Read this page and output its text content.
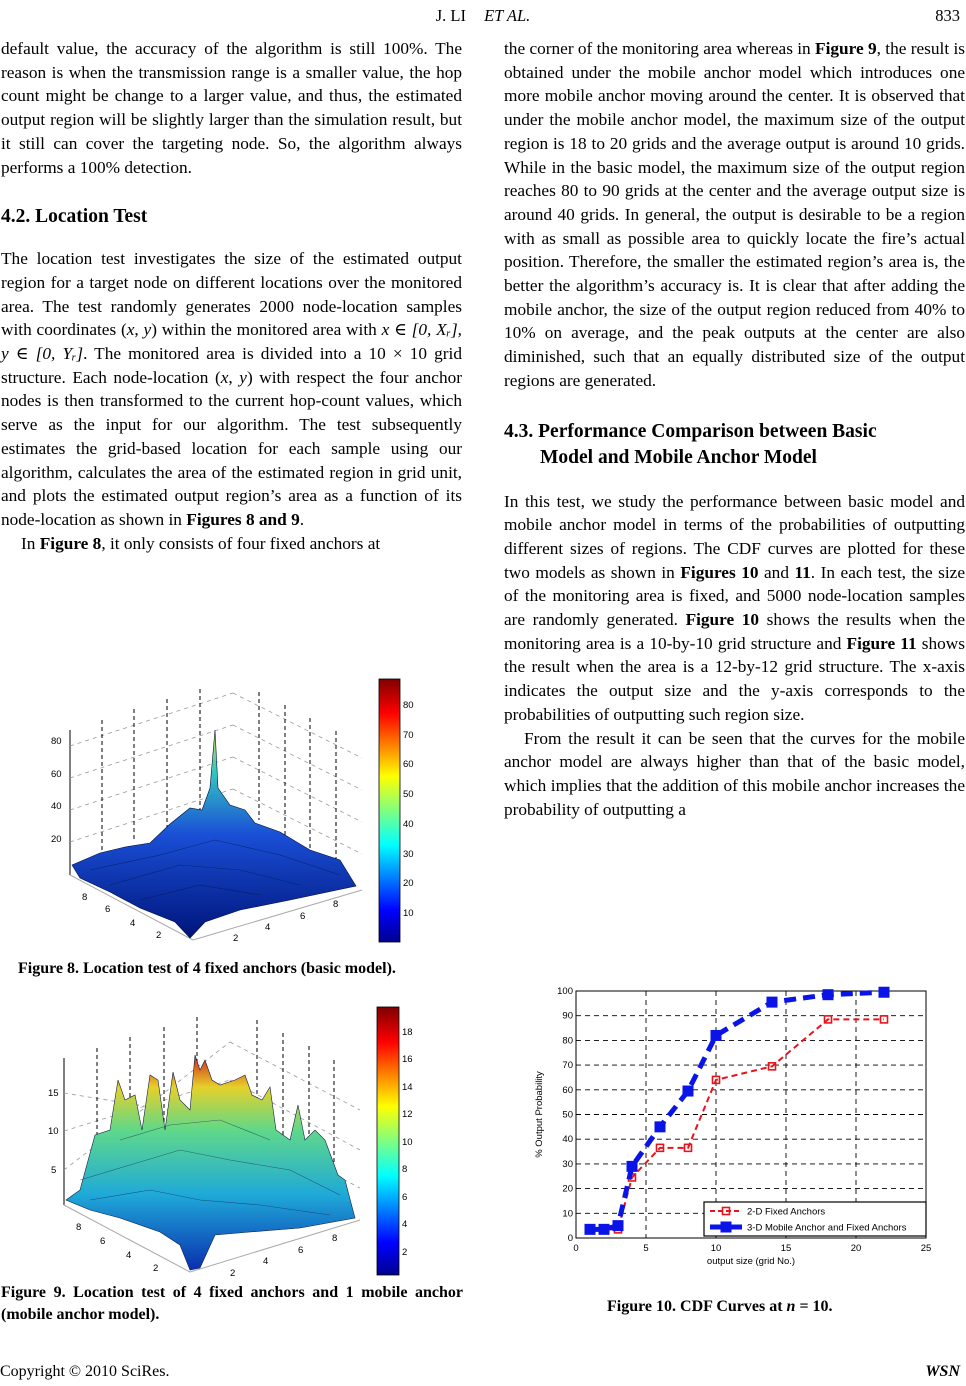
J. LI ET AL.	833

default value, the accuracy of the algorithm is still 100%. The reason is when the transmission range is a smaller value, the hop count might be change to a larger value, and thus, the estimated output region will be slightly larger than the simulation result, but it still can cover the targeting node. So, the algorithm always performs a 100% detection.

4.2. Location Test

The location test investigates the size of the estimated output region for a target node on different locations over the monitored area. The test randomly generates 2000 node-location samples with coordinates (x, y) within the monitored area with x ∈ [0, Xᵣ], y ∈ [0, Yᵣ]. The monitored area is divided into a 10 × 10 grid structure. Each node-location (x, y) with respect the four anchor nodes is then transformed to the current hop-count values, which serve as the input for our algorithm. The test subsequently estimates the grid-based location for each sample using our algorithm, calculates the area of the estimated region in grid unit, and plots the estimated output region’s area as a function of its node-location as shown in Figures 8 and 9.

In Figure 8, it only consists of four fixed anchors at

80
60
40
20
8
6
4
2	2
4
6
8
10
20
30
40
50
60
70
80
Figure 8. Location test of 4 fixed anchors (basic model).
15
10
5
8
6
4
2	2
4
6
8
2
4
6
8
10
12
14
16
18
Figure 9. Location test of 4 fixed anchors and 1 mobile anchor (mobile anchor model).

the corner of the monitoring area whereas in Figure 9, the result is obtained under the mobile anchor model which introduces one more mobile anchor moving around the center. It is observed that under the mobile anchor model, the maximum size of the output region is 18 to 20 grids and the average output is around 10 grids. While in the basic model, the maximum size of the output region reaches 80 to 90 grids at the center and the average output size is around 40 grids. In general, the output is desirable to be a region with as small as possible area to quickly locate the fire’s actual position. Therefore, the smaller the estimated region’s area is, the better the algorithm’s accuracy is. It is clear that after adding the mobile anchor, the size of the output region reduced from 40% to 10% on average, and the peak outputs at the center are also diminished, such that an equally distributed size of the output regions are generated.

4.3. Performance Comparison between Basic
Model and Mobile Anchor Model

In this test, we study the performance between basic model and mobile anchor model in terms of the probabilities of outputting different sizes of regions. The CDF curves are plotted for these two models as shown in Figures 10 and 11. In each test, the size of the monitoring area is fixed, and 5000 node-location samples are randomly generated. Figure 10 shows the results when the monitoring area is a 10-by-10 grid structure and Figure 11 shows the result when the area is a 12-by-12 grid structure. The x-axis indicates the output size and the y-axis corresponds to the probabilities of outputting such region size.

From the result it can be seen that the curves for the mobile anchor model are always higher than that of the basic model, which implies that the addition of this mobile anchor increases the probability of outputting a

0	5	10	15	20	25
0
10
20
30
40
50
60
70
80
90
100
output size (grid No.)
% Output Probability
2-D Fixed Anchors
3-D Mobile Anchor and Fixed Anchors
Figure 10. CDF Curves at n = 10.
Copyright © 2010 SciRes.	WSN
